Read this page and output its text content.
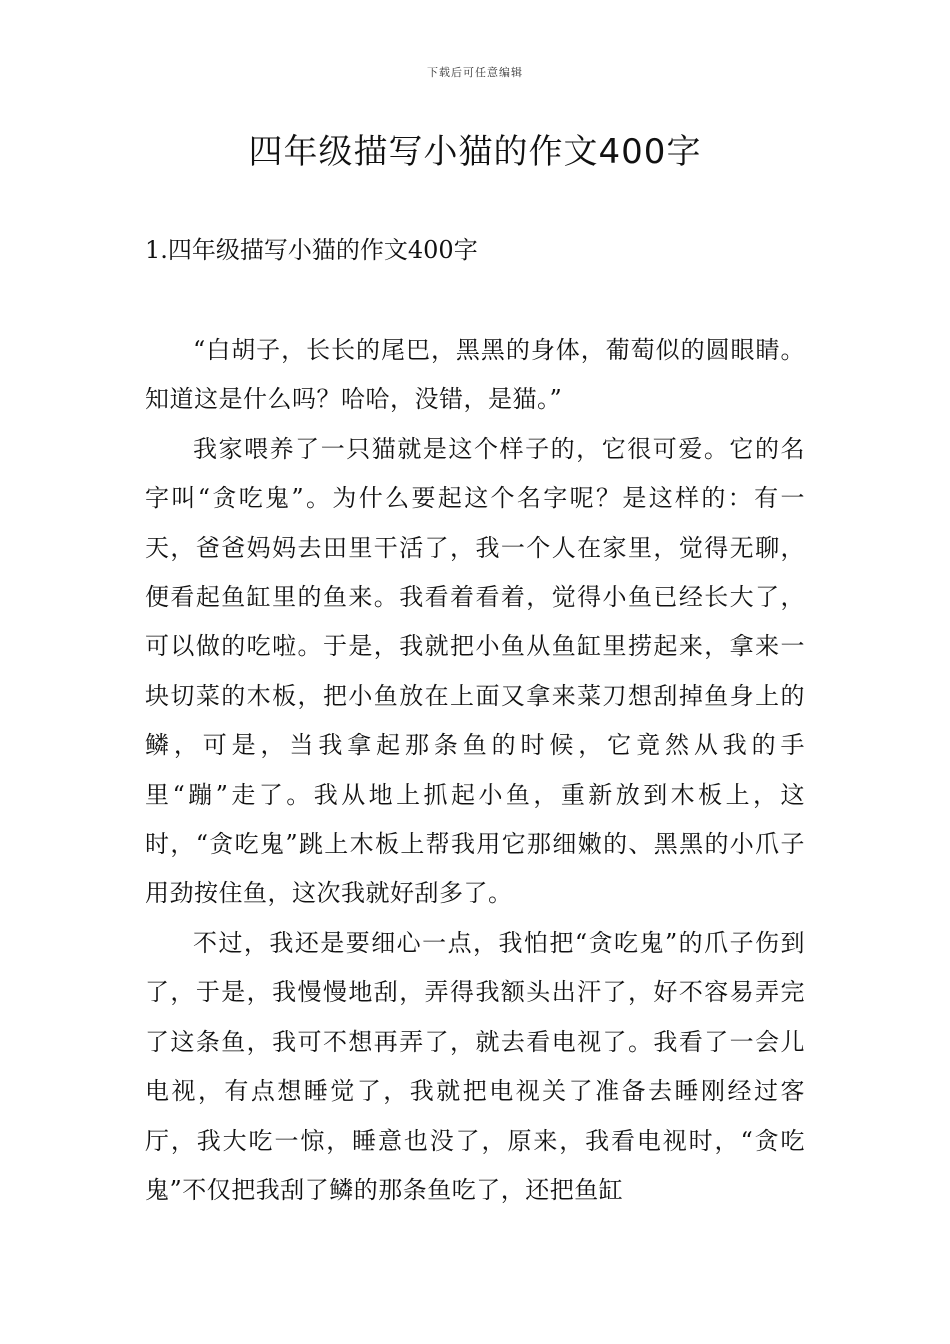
下载后可任意编辑
四年级描写小猫的作文400字
1.四年级描写小猫的作文400字

“白胡子，长长的尾巴，黑黑的身体，葡萄似的圆眼睛。知道这是什么吗？哈哈，没错，是猫。”

我家喂养了一只猫就是这个样子的，它很可爱。它的名字叫“贪吃鬼”。为什么要起这个名字呢？是这样的：有一天，爸爸妈妈去田里干活了，我一个人在家里，觉得无聊，便看起鱼缸里的鱼来。我看着看着，觉得小鱼已经长大了，可以做的吃啦。于是，我就把小鱼从鱼缸里捞起来，拿来一块切菜的木板，把小鱼放在上面又拿来菜刀想刮掉鱼身上的鳞，可是，当我拿起那条鱼的时候，它竟然从我的手里“蹦”走了。我从地上抓起小鱼，重新放到木板上，这时，“贪吃鬼”跳上木板上帮我用它那细嫩的、黑黑的小爪子用劲按住鱼，这次我就好刮多了。

不过，我还是要细心一点，我怕把“贪吃鬼”的爪子伤到了，于是，我慢慢地刮，弄得我额头出汗了，好不容易弄完了这条鱼，我可不想再弄了，就去看电视了。我看了一会儿电视，有点想睡觉了，我就把电视关了准备去睡刚经过客厅，我大吃一惊，睡意也没了，原来，我看电视时，“贪吃鬼”不仅把我刮了鳞的那条鱼吃了，还把鱼缸
